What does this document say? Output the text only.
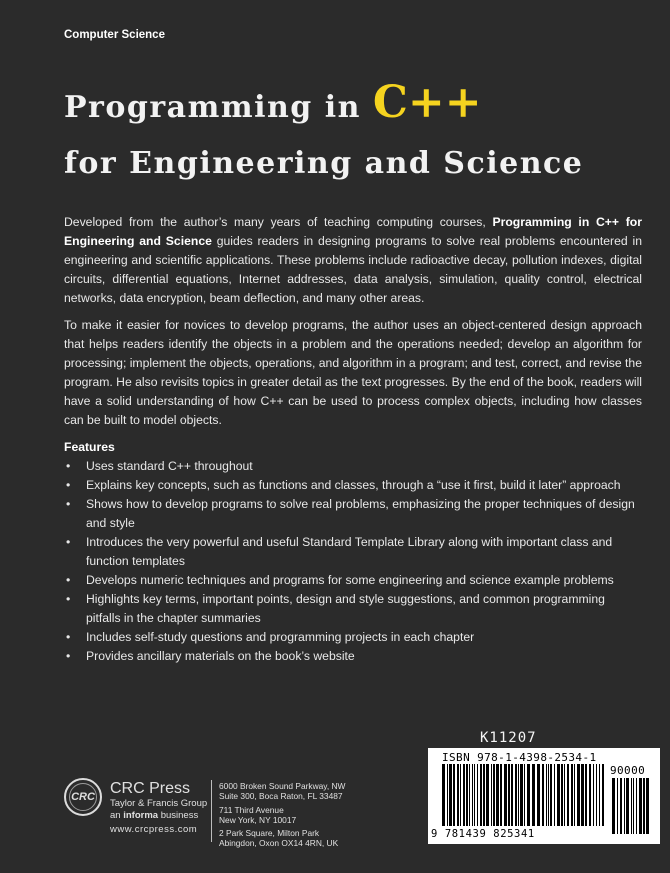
Computer Science
Programming in C++
for Engineering and Science

Developed from the author’s many years of teaching computing courses, Programming in C++ for Engineering and Science guides readers in designing programs to solve real problems encountered in engineering and scientific applications. These problems include radioactive decay, pollution indexes, digital circuits, differential equations, Internet addresses, data analysis, simulation, quality control, electrical networks, data encryption, beam deflection, and many other areas.

To make it easier for novices to develop programs, the author uses an object-centered design approach that helps readers identify the objects in a problem and the operations needed; develop an algorithm for processing; implement the objects, operations, and algorithm in a program; and test, correct, and revise the program. He also revisits topics in greater detail as the text progresses. By the end of the book, readers will have a solid understanding of how C++ can be used to process complex objects, including how classes can be built to model objects.

Features
• Uses standard C++ throughout
• Explains key concepts, such as functions and classes, through a “use it first, build it later” approach
• Shows how to develop programs to solve real problems, emphasizing the proper techniques of design and style
• Introduces the very powerful and useful Standard Template Library along with important class and function templates
• Develops numeric techniques and programs for some engineering and science example problems
• Highlights key terms, important points, design and style suggestions, and common programming pitfalls in the chapter summaries
• Includes self-study questions and programming projects in each chapter
• Provides ancillary materials on the book’s website
CRC CRC Press
Taylor & Francis Group
an informa business
www.crcpress.com
6000 Broken Sound Parkway, NW
Suite 300, Boca Raton, FL 33487
711 Third Avenue
New York, NY 10017
2 Park Square, Milton Park
Abingdon, Oxon OX14 4RN, UK
K11207
ISBN 978-1-4398-2534-1
90000
9 781439 825341
